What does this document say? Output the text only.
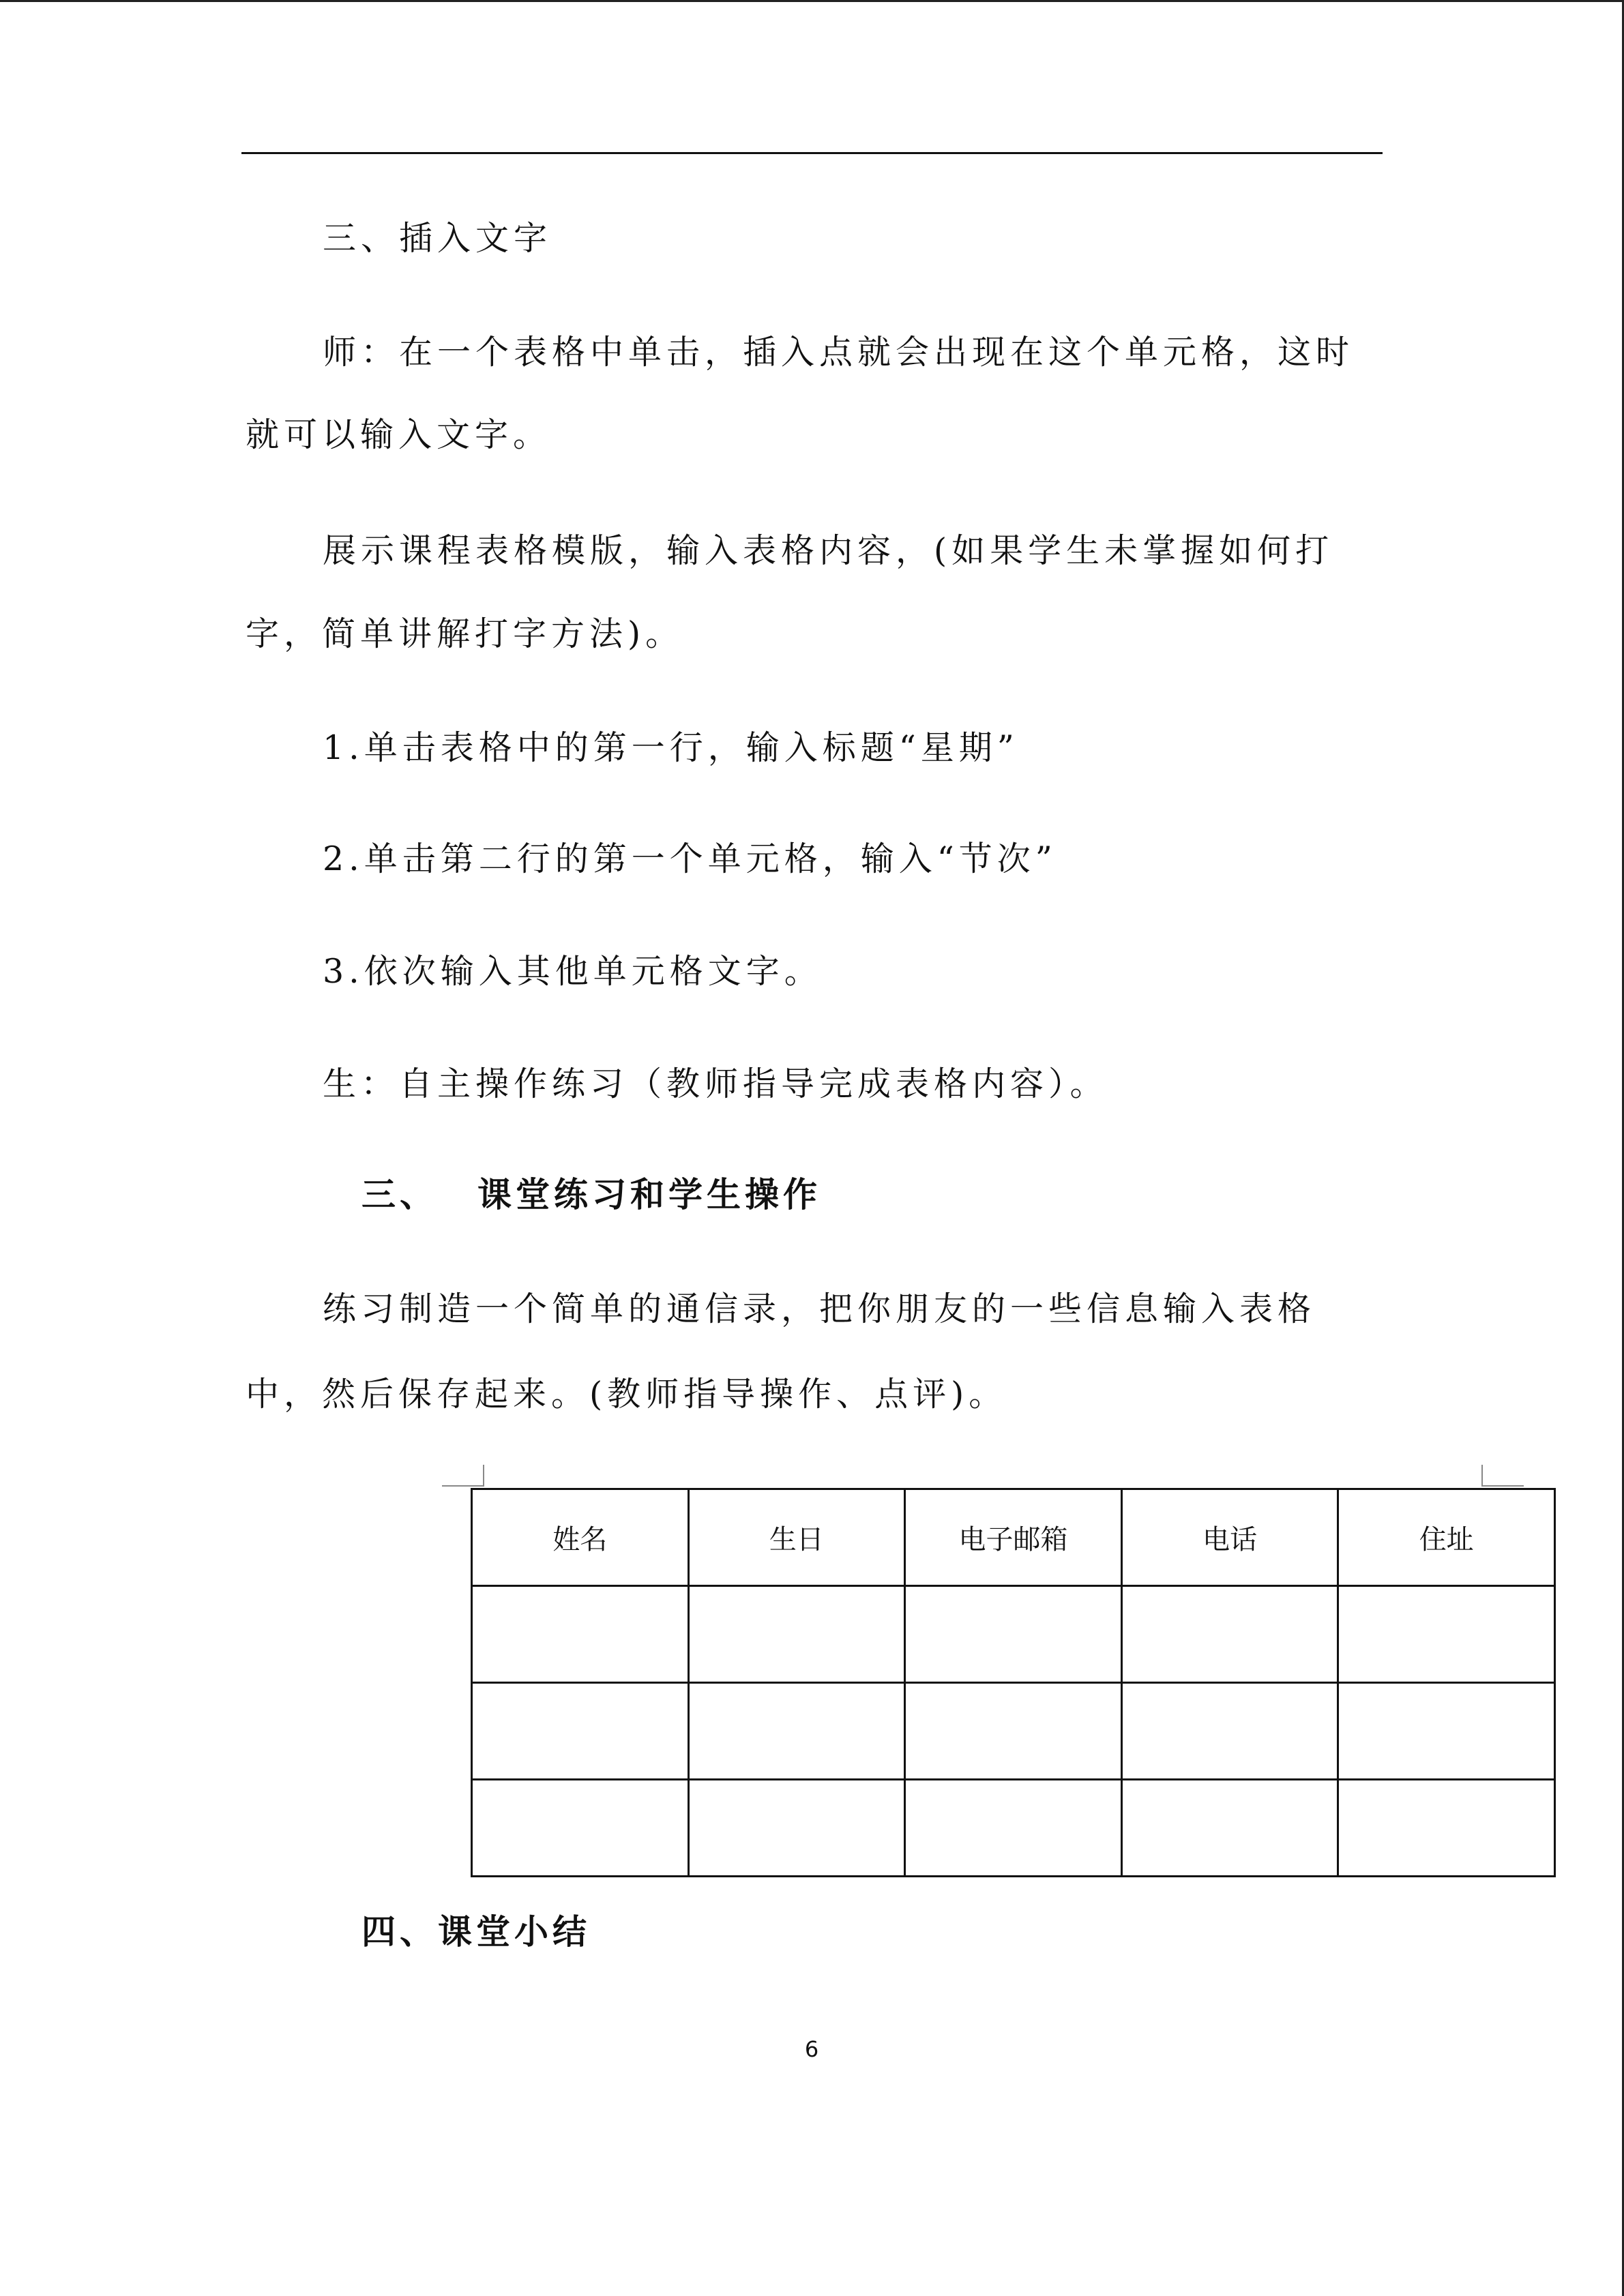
三、插入文字
师：在一个表格中单击，插入点就会出现在这个单元格，这时
就可以输入文字。
展示课程表格模版，输入表格内容，(如果学生未掌握如何打
字，简单讲解打字方法)。
1.单击表格中的第一行，输入标题“星期”
2.单击第二行的第一个单元格，输入“节次”
3.依次输入其他单元格文字。
生：自主操作练习（教师指导完成表格内容）。
三、 课堂练习和学生操作
练习制造一个简单的通信录，把你朋友的一些信息输入表格
中，然后保存起来。(教师指导操作、点评)。
姓名	生日	电子邮箱	电话	住址

四、课堂小结
6
